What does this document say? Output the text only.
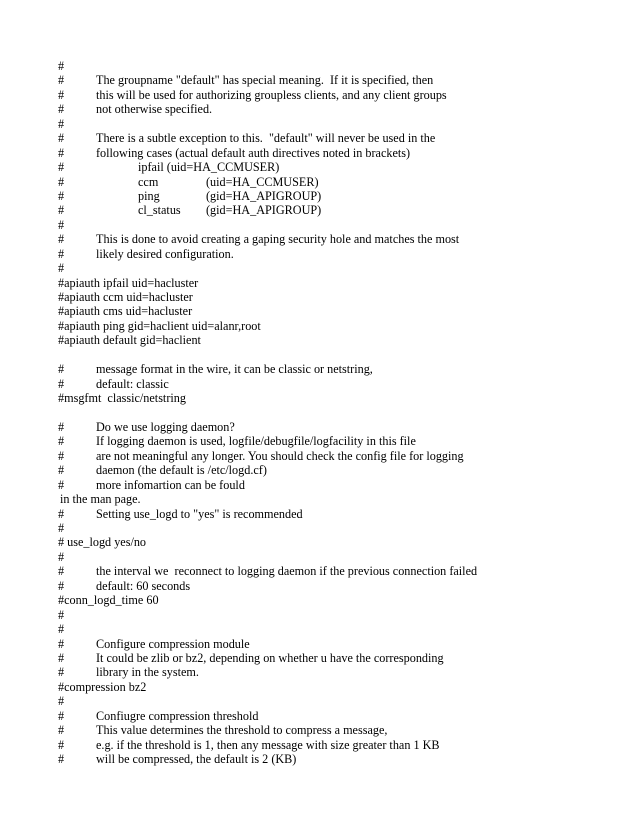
#
#	The groupname "default" has special meaning.  If it is specified, then
#	this will be used for authorizing groupless clients, and any client groups
#	not otherwise specified.
#
#	There is a subtle exception to this.  "default" will never be used in the
#	following cases (actual default auth directives noted in brackets)
#	ipfail (uid=HA_CCMUSER)
#	ccm	(uid=HA_CCMUSER)
#	ping	(gid=HA_APIGROUP)
#	cl_status (gid=HA_APIGROUP)
#
#	This is done to avoid creating a gaping security hole and matches the most
#	likely desired configuration.
#
#apiauth ipfail uid=hacluster
#apiauth ccm uid=hacluster
#apiauth cms uid=hacluster
#apiauth ping gid=haclient uid=alanr,root
#apiauth default gid=haclient
#	message format in the wire, it can be classic or netstring,
#	default: classic
#msgfmt  classic/netstring
#	Do we use logging daemon?
#	If logging daemon is used, logfile/debugfile/logfacility in this file
#	are not meaningful any longer. You should check the config file for logging
#	daemon (the default is /etc/logd.cf)
#	more infomartion can be fould
in the man page.
#	Setting use_logd to "yes" is recommended
#
# use_logd yes/no
#
#	the interval we  reconnect to logging daemon if the previous connection failed
#	default: 60 seconds
#conn_logd_time 60
#
#
#	Configure compression module
#	It could be zlib or bz2, depending on whether u have the corresponding
#	library in the system.
#compression bz2
#
#	Confiugre compression threshold
#	This value determines the threshold to compress a message,
#	e.g. if the threshold is 1, then any message with size greater than 1 KB
#	will be compressed, the default is 2 (KB)
